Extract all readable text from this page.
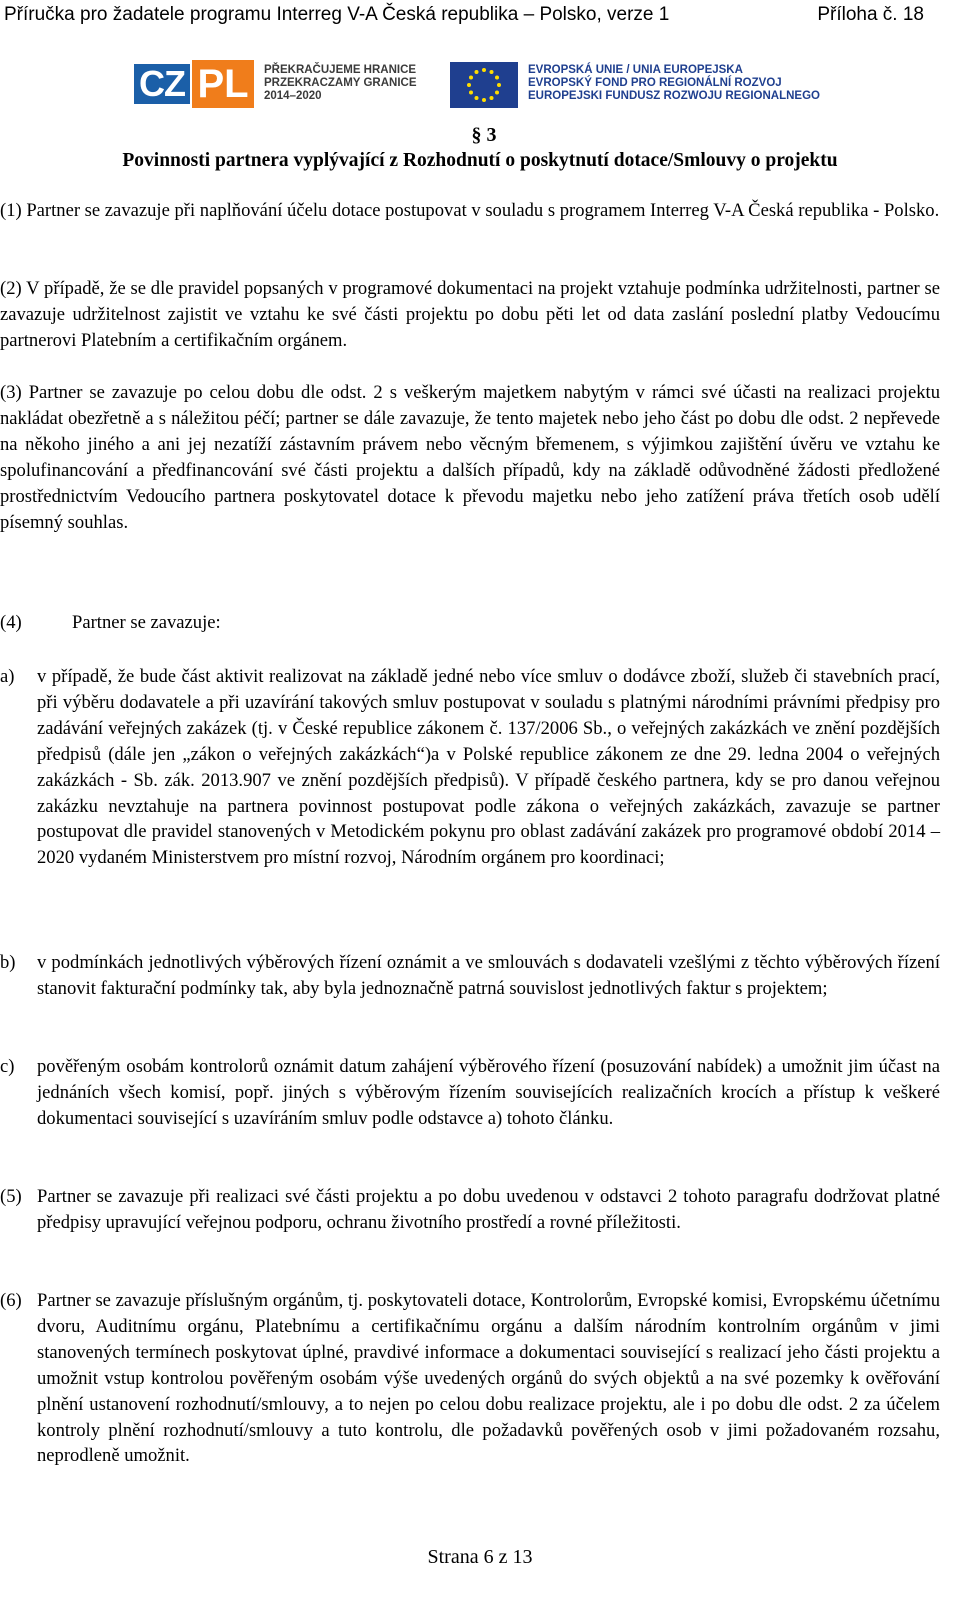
Příručka pro žadatele programu Interreg V-A Česká republika – Polsko, verze 1	Příloha č. 18
CZ PL	PŘEKRAČUJEME HRANICE
PRZEKRACZAMY GRANICE
2014–2020
EVROPSKÁ UNIE / UNIA EUROPEJSKA
EVROPSKÝ FOND PRO REGIONÁLNÍ ROZVOJ
EUROPEJSKI FUNDUSZ ROZWOJU REGIONALNEGO
§ 3
Povinnosti partnera vyplývající z Rozhodnutí o poskytnutí dotace/Smlouvy o projektu
(1) Partner se zavazuje při naplňování účelu dotace postupovat v souladu s programem Interreg V-A Česká republika - Polsko.
(2) V případě, že se dle pravidel popsaných v programové dokumentaci na projekt vztahuje podmínka udržitelnosti, partner se zavazuje udržitelnost zajistit ve vztahu ke své části projektu po dobu pěti let od data zaslání poslední platby Vedoucímu partnerovi Platebním a certifikačním orgánem.
(3) Partner se zavazuje po celou dobu dle odst. 2 s veškerým majetkem nabytým v rámci své účasti na realizaci projektu nakládat obezřetně a s náležitou péčí; partner se dále zavazuje, že tento majetek nebo jeho část po dobu dle odst. 2 nepřevede na někoho jiného a ani jej nezatíží zástavním právem nebo věcným břemenem, s výjimkou zajištění úvěru ve vztahu ke spolufinancování a předfinancování své části projektu a dalších případů, kdy na základě odůvodněné žádosti předložené prostřednictvím Vedoucího partnera poskytovatel dotace k převodu majetku nebo jeho zatížení práva třetích osob udělí písemný souhlas.
(4)	Partner se zavazuje:
a) v případě, že bude část aktivit realizovat na základě jedné nebo více smluv o dodávce zboží, služeb či stavebních prací, při výběru dodavatele a při uzavírání takových smluv postupovat v souladu s platnými národními právními předpisy pro zadávání veřejných zakázek (tj. v České republice zákonem č. 137/2006 Sb., o veřejných zakázkách ve znění pozdějších předpisů (dále jen „zákon o veřejných zakázkách“)a v Polské republice zákonem ze dne 29. ledna 2004 o veřejných zakázkách - Sb. zák. 2013.907 ve znění pozdějších předpisů). V případě českého partnera, kdy se pro danou veřejnou zakázku nevztahuje na partnera povinnost postupovat podle zákona o veřejných zakázkách, zavazuje se partner postupovat dle pravidel stanovených v Metodickém pokynu pro oblast zadávání zakázek pro programové období 2014 – 2020 vydaném Ministerstvem pro místní rozvoj, Národním orgánem pro koordinaci;
b) v podmínkách jednotlivých výběrových řízení oznámit a ve smlouvách s dodavateli vzešlými z těchto výběrových řízení stanovit fakturační podmínky tak, aby byla jednoznačně patrná souvislost jednotlivých faktur s projektem;
c) pověřeným osobám kontrolorů oznámit datum zahájení výběrového řízení (posuzování nabídek) a umožnit jim účast na jednáních všech komisí, popř. jiných s výběrovým řízením souvisejících realizačních krocích a přístup k veškeré dokumentaci související s uzavíráním smluv podle odstavce a) tohoto článku.
(5) Partner se zavazuje při realizaci své části projektu a po dobu uvedenou v odstavci 2 tohoto paragrafu dodržovat platné předpisy upravující veřejnou podporu, ochranu životního prostředí a rovné příležitosti.
(6) Partner se zavazuje příslušným orgánům, tj. poskytovateli dotace, Kontrolorům, Evropské komisi, Evropskému účetnímu dvoru, Auditnímu orgánu, Platebnímu a certifikačnímu orgánu a dalším národním kontrolním orgánům v jimi stanovených termínech poskytovat úplné, pravdivé informace a dokumentaci související s realizací jeho části projektu a umožnit vstup kontrolou pověřeným osobám výše uvedených orgánů do svých objektů a na své pozemky k ověřování plnění ustanovení rozhodnutí/smlouvy, a to nejen po celou dobu realizace projektu, ale i po dobu dle odst. 2 za účelem kontroly plnění rozhodnutí/smlouvy a tuto kontrolu, dle požadavků pověřených osob v jimi požadovaném rozsahu, neprodleně umožnit.
Strana 6 z 13
